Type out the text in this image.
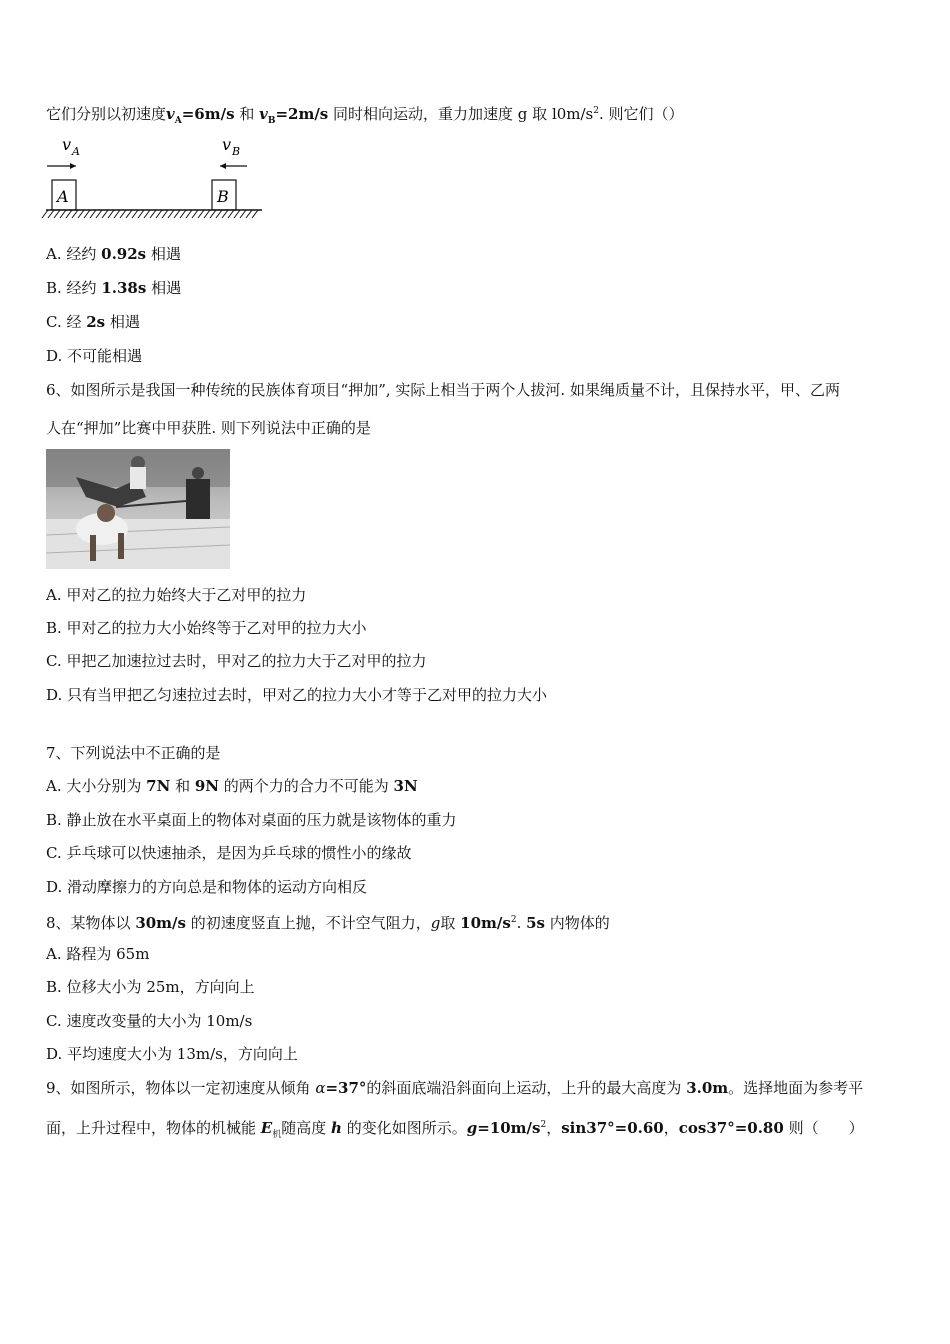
它们分别以初速度$v_A=6m/s$ 和 $v_B=2m/s$ 同时相向运动，重力加速度 g 取 $l0m/s^2$. 则它们（）
v A	v B
A	B
A. 经约 0.92s 相遇
B. 经约 1.38s 相遇
C. 经 2s 相遇
D. 不可能相遇
6、如图所示是我国一种传统的民族体育项目“押加”, 实际上相当于两个人拔河. 如果绳质量不计，且保持水平，甲、乙两
人在“押加”比赛中甲获胜. 则下列说法中正确的是
A. 甲对乙的拉力始终大于乙对甲的拉力
B. 甲对乙的拉力大小始终等于乙对甲的拉力大小
C. 甲把乙加速拉过去时，甲对乙的拉力大于乙对甲的拉力
D. 只有当甲把乙匀速拉过去时，甲对乙的拉力大小才等于乙对甲的拉力大小
7、下列说法中不正确的是
A. 大小分别为 7N 和 9N 的两个力的合力不可能为 3N
B. 静止放在水平桌面上的物体对桌面的压力就是该物体的重力
C. 乒乓球可以快速抽杀，是因为乒乓球的惯性小的缘故
D. 滑动摩擦力的方向总是和物体的运动方向相反
8、某物体以 30m/s 的初速度竖直上抛，不计空气阻力，g取 $10m/s^2$. 5s 内物体的
A. 路程为 65m
B. 位移大小为 25m，方向向上
C. 速度改变量的大小为 10m/s
D. 平均速度大小为 13m/s，方向向上
9、如图所示，物体以一定初速度从倾角 α=37°的斜面底端沿斜面向上运动，上升的最大高度为 3.0m。选择地面为参考平
面，上升过程中，物体的机械能 $E_机$随高度 h 的变化如图所示。$g=10m/s^2$，sin37°=0.60，cos37°=0.80 则（　　）
